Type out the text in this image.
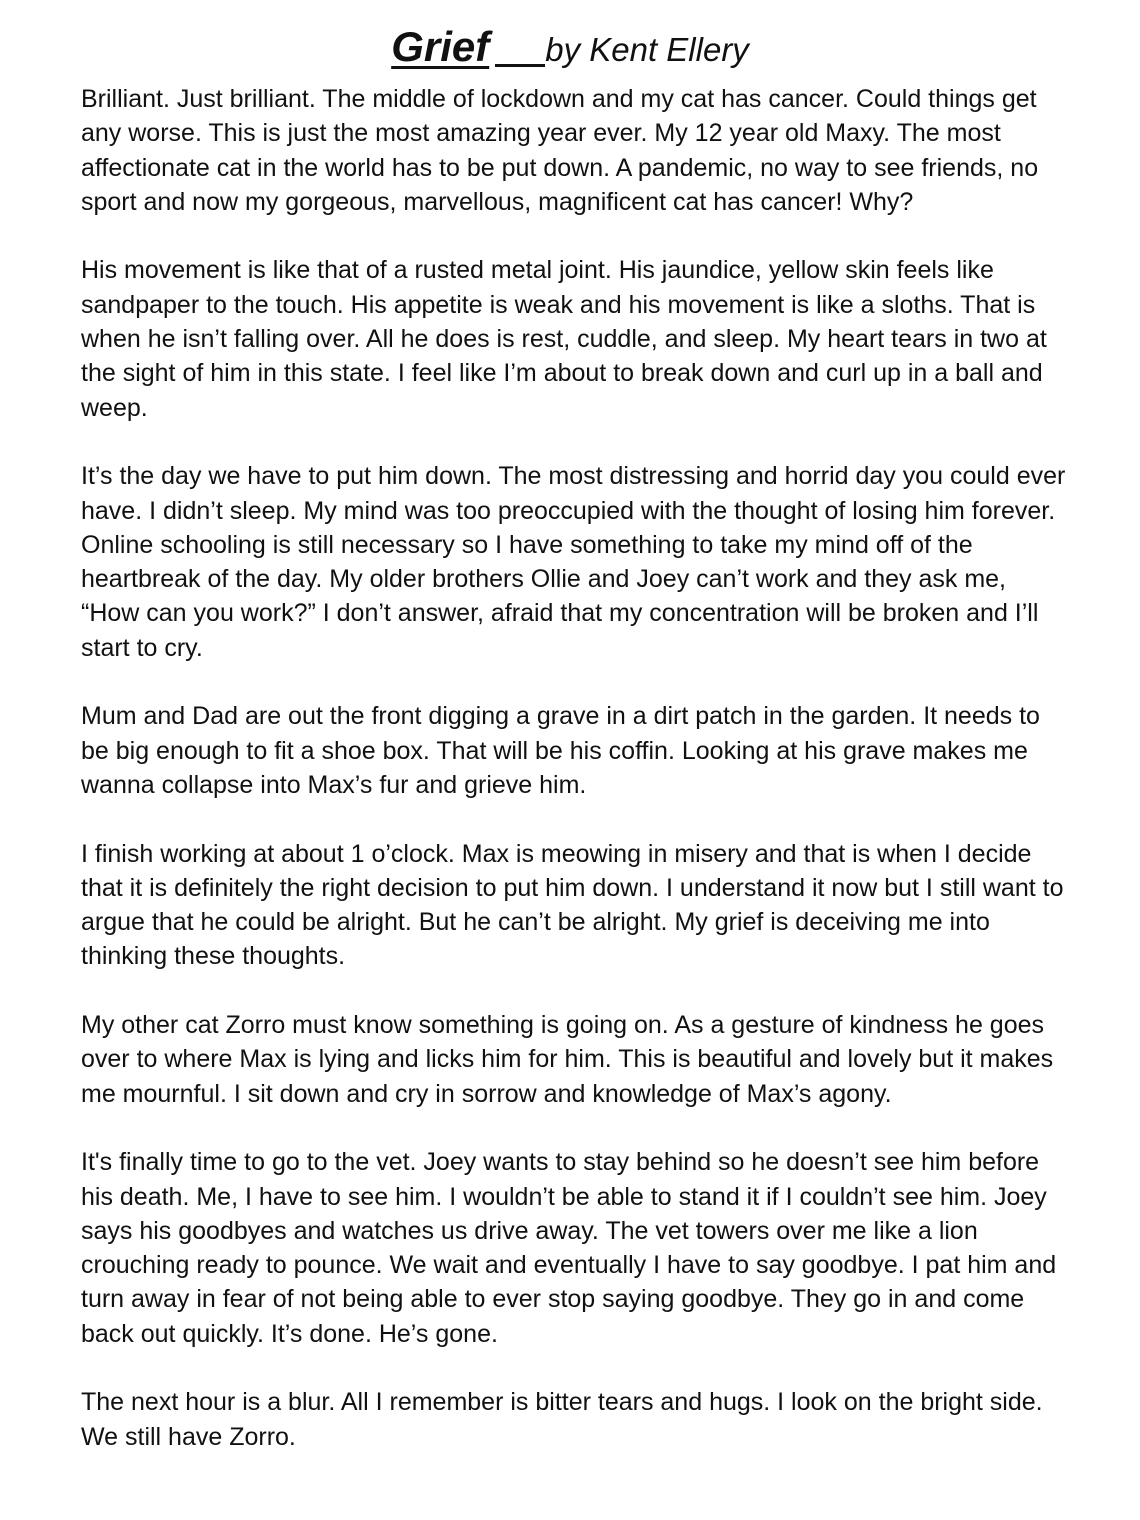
Grief by Kent Ellery

Brilliant. Just brilliant. The middle of lockdown and my cat has cancer. Could things get any worse. This is just the most amazing year ever. My 12 year old Maxy. The most affectionate cat in the world has to be put down. A pandemic, no way to see friends, no sport and now my gorgeous, marvellous, magnificent cat has cancer! Why?

His movement is like that of a rusted metal joint. His jaundice, yellow skin feels like sandpaper to the touch. His appetite is weak and his movement is like a sloths. That is when he isn’t falling over. All he does is rest, cuddle, and sleep. My heart tears in two at the sight of him in this state. I feel like I’m about to break down and curl up in a ball and weep.

It’s the day we have to put him down. The most distressing and horrid day you could ever have. I didn’t sleep. My mind was too preoccupied with the thought of losing him forever. Online schooling is still necessary so I have something to take my mind off of the heartbreak of the day. My older brothers Ollie and Joey can’t work and they ask me, “How can you work?” I don’t answer, afraid that my concentration will be broken and I’ll start to cry.

Mum and Dad are out the front digging a grave in a dirt patch in the garden. It needs to be big enough to fit a shoe box. That will be his coffin. Looking at his grave makes me wanna collapse into Max’s fur and grieve him.

I finish working at about 1 o’clock. Max is meowing in misery and that is when I decide that it is definitely the right decision to put him down. I understand it now but I still want to argue that he could be alright. But he can’t be alright. My grief is deceiving me into thinking these thoughts.

My other cat Zorro must know something is going on. As a gesture of kindness he goes over to where Max is lying and licks him for him. This is beautiful and lovely but it makes me mournful. I sit down and cry in sorrow and knowledge of Max’s agony.

It's finally time to go to the vet. Joey wants to stay behind so he doesn’t see him before his death. Me, I have to see him. I wouldn’t be able to stand it if I couldn’t see him. Joey says his goodbyes and watches us drive away. The vet towers over me like a lion crouching ready to pounce. We wait and eventually I have to say goodbye. I pat him and turn away in fear of not being able to ever stop saying goodbye. They go in and come back out quickly. It’s done. He’s gone.

The next hour is a blur. All I remember is bitter tears and hugs. I look on the bright side. We still have Zorro.
